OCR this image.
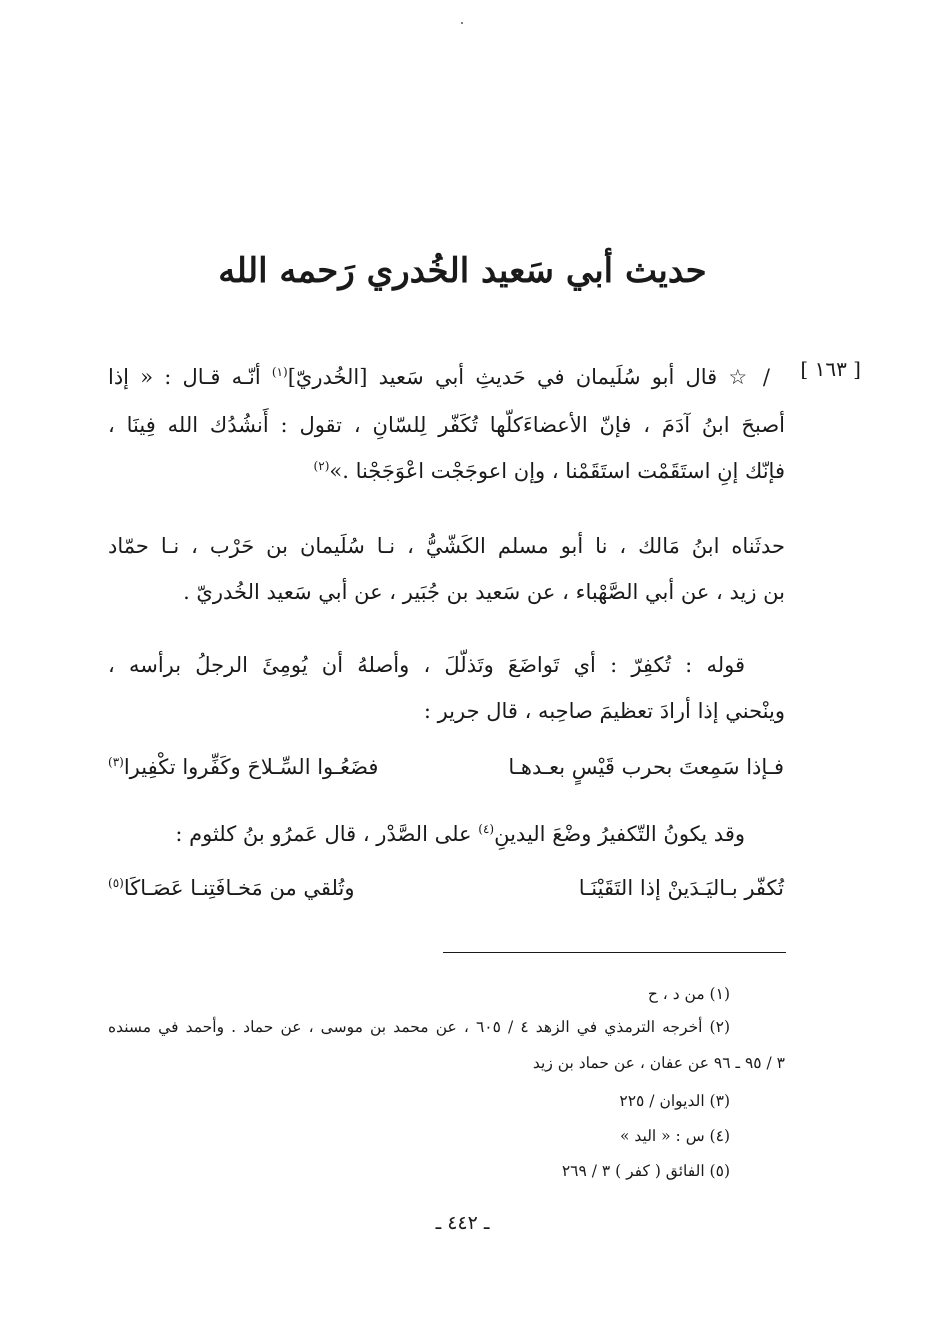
حديث أبي سَعيد الخُدري رَحمه الله
[ ١٦٣ ]
/ ☆ قال أبو سُلَيمان في حَديثِ أبي سَعيد [الخُدريّ]$^{(١)}$ أنّـه قـال : « إذا
أصبحَ ابنُ آدَمَ ، فإنّ الأعضاءَكلّها تُكَفّر لِلسّانِ ، تقول : أَنشُدُك الله فِينَا ،
فإنّك إنِ استَقَمْت استَقَمْنا ، وإن اعوجَجْت اعْوَجَجْنا .»$^{(٢)}$
حدثَناه ابنُ مَالك ، نا أبو مسلم الكَشّيُّ ، نـا سُلَيمان بن حَرْب ، نـا حمّاد
بن زيد ، عن أبي الصَّهْباء ، عن سَعيد بن جُبَير ، عن أبي سَعيد الخُدريّ .
قوله : تُكفِرّ : أي تَواضَعَ وتَذلّلَ ، وأصلهُ أن يُومِئَ الرجلُ برأسه ،
وينْحني إذا أرادَ تعظيمَ صاحِبه ، قال جرير :
فـإذا سَمِعتَ بحرب قَيْسٍ بعـدهـا
فضَعُـوا السِّـلاحَ وكَفِّروا تكْفِيرا$^{(٣)}$
وقد يكونُ التّكفيرُ وضْعَ اليدينِ$^{(٤)}$ على الصَّدْر ، قال عَمرُو بنُ كلثوم :
تُكفّر بـاليَـدَينْ إذا التَقَيْنَـا
وتُلقي من مَخـافَتِنـا عَصَـاكَا$^{(٥)}$
(١) من د ، ح
(٢) أخرجه الترمذي في الزهد ٤ / ٦٠٥ ، عن محمد بن موسى ، عن حماد . وأحمد في مسنده
٣ / ٩٥ ـ ٩٦ عن عفان ، عن حماد بن زيد
(٣) الديوان / ٢٢٥
(٤) س : « اليد »
(٥) الفائق ( كفر ) ٣ / ٢٦٩
ـ ٤٤٢ ـ
